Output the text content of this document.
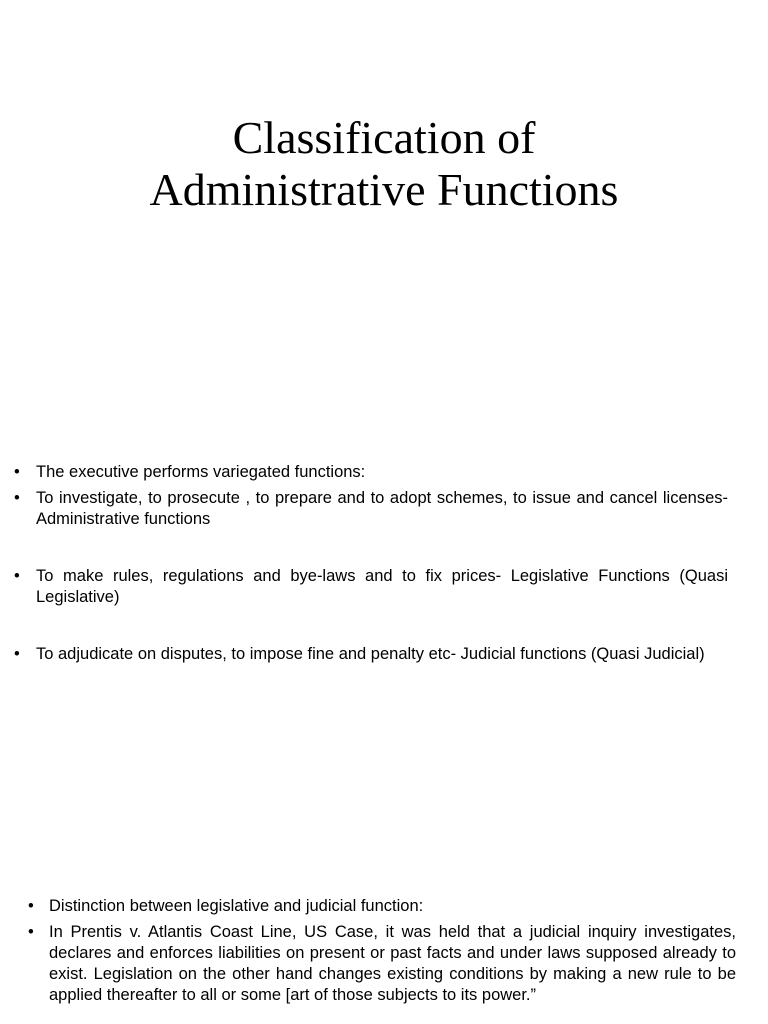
Classification of
Administrative Functions
• The executive performs variegated functions:
• To investigate, to prosecute , to prepare and to adopt schemes, to issue and cancel licenses- Administrative functions
• To make rules, regulations and bye-laws and to fix prices- Legislative Functions (Quasi Legislative)
• To adjudicate on disputes, to impose fine and penalty etc- Judicial functions (Quasi Judicial)
• Distinction between legislative and judicial function:
• In Prentis v. Atlantis Coast Line, US Case, it was held that a judicial inquiry investigates, declares and enforces liabilities on present or past facts and under laws supposed already to exist. Legislation on the other hand changes existing conditions by making a new rule to be applied thereafter to all or some [art of those subjects to its power.”
